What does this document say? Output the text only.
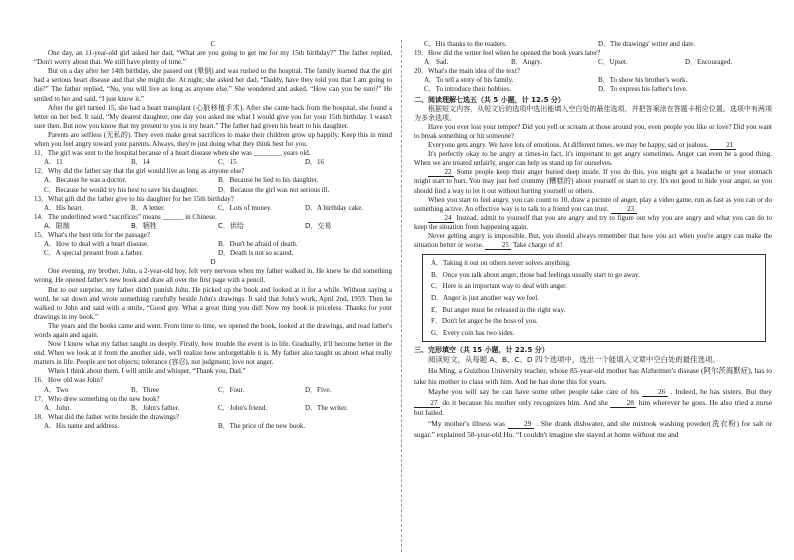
C

One day, an 11-year-old girl asked her dad, “What are you going to get me for my 15th birthday?” The father replied, “Don't worry about that. We still have plenty of time.”

But on a day after her 14th birthday, she passed out (晕倒) and was rushed to the hospital. The family learned that the girl had a serious heart disease and that she might die. At night, she asked her dad, “Daddy, have they told you that I am going to die?” The father replied, “No, you will live as long as anyone else.” She wondered and asked, “How can you be sure?” He smiled to her and said, “I just know it.”

After the girl turned 15, she had a heart transplant (心脏移植手术). After she came back from the hospital, she found a letter on her bed. It said, “My dearest daughter, one day you asked me what I would give you for your 15th birthday. I wasn't sure then. But now you know that my present to you is my heart.” The father had given his heart to his daughter.

Parents are selfless (无私的). They even make great sacrifices to make their children grow up happily. Keep this in mind when you feel angry toward your parents. Always, they're just doing what they think best for you.

11．The girl was sent to the hospital because of a heart disease when she was ________ years old.

A．11	B．14	C．15	D．16

12．Why did the father say that the girl would live as long as anyone else?

A．Because he was a doctor.	B．Because he lied to his daughter.
C．Because he would try his best to save his daughter.	D．Because the girl was not serious ill.

13．What gift did the father give to his daughter for her 15th birthday?

A．His heart.	B．A letter.	C．Lots of money.	D．A birthday cake.

14．The underlined word “sacrifices” means ______ in Chinese.

A．限制	B．牺牲	C．供给	D．交易

15．What's the best title for the passage?

A．How to deal with a heart disease.	B．Don't be afraid of death.
C．A special present from a father.	D．Death is not so scared.

D

One evening, my brother, John, a 2-year-old boy, felt very nervous when my father walked in. He knew he did something wrong. He opened father's new book and draw all over the first page with a pencil.

But to our surprise, my father didn't punish John. He picked up the book and looked at it for a while. Without saying a word, he sat down and wrote something carefully beside John's drawings. It said that John's work, April 2nd, 1959. Then he walked to John and said with a smile, “Good guy. What a great thing you did! Now my book is priceless. Thanks for your drawings in my book.”

The years and the books came and went. From time to time, we opened the book, looked at the drawings, and read father's words again and again.

Now I know what my father taught us deeply. Firstly, how trouble the event is in life. Gradually, it'll become better in the end. When we look at it from the another side, we'll realize how unforgettable it is. My father also taught us about what really matters in life. People are not objects; tolerance (容忍), not judgment; love not anger.

When I think about them, I will smile and whisper, “Thank you, Dad.”

16．How old was John?

A．Two	B．Three	C．Four.	D．Five.

17．Who drew something on the new book?

A．John.	B．John's father.	C．John's friend.	D．The writer.

18．What did the father write beside the drawings?

A．His name and address.	B．The price of the new book.
C．His thanks to the readers.	D．The drawings' writer and date.

19．How did the writer feel when he opened the book years later?

A．Sad.	B．Angry.	C．Upset.	D．Encouraged.

20．What's the main idea of the text?

A．To tell a story of his family.	B．To show his brother's work.
C．To introduce their hobbies.	D．To express his father's love.

二、阅读理解七选五（共 5 小题，计 12.5 分）

根据短文内容，从短文后的选项中选出能填入空白处的最佳选项，并把答案涂在答题卡相应位置。选项中有两项为多余选项。

Have you ever lost your temper? Did you yell or scream at those around you, even people you like or love? Did you want to break something or hit someone?

Everyone gets angry. We have lots of emotions. At different times, we may be happy, sad or jealous.	21

It's perfectly okay to be angry at times-in fact, it's important to get angry sometimes. Anger can even be a good thing. When we are treated unfairly, anger can help us stand up for ourselves.

22 Some people keep their anger buried deep inside. If you do this, you might get a headache or your stomach might start to hurt. You may just feel crummy (糟糕的) about yourself or start to cry. It's not good to hide your anger, so you should find a way to let it out without hurting yourself or others.

When you start to feel angry, you can count to 10, draw a picture of anger, play a video game, run as fast as you can or do something active. An effective way is to talk to a friend you can trust.	23

24 Instead, admit to yourself that you are angry and try to figure out why you are angry and what you can do to keep the situation from happening again.

Never getting angry is impossible. But, you should always remember that how you act when you're angry can make the situation better or worse.	25 Take charge of it!

A．Taking it out on others never solves anything.

B．Once you talk about anger, those bad feelings usually start to go away.

C．Here is an important way to deal with anger.

D．Anger is just another way we feel.

E．But anger must be released in the right way.

F．Don't let anger be the boss of you.

G．Every coin has two sides.

三、完形填空（共 15 小题，计 22.5 分）

阅读短文，从每题 A、B、C、D 四个选项中，选出一个能填入文章中空白处的最佳选项。

Hu Ming, a Guizhou University teacher, whose 85-year-old mother has Alzheimer's disease (阿尔茨海默症), has to take his mother to class with him. And he has done this for years.

Maybe you will say he can have some other people take care of his	26 . Indeed, he has sisters. But they 27 do it because his mother only recognizes him. And she	28 him wherever he goes. He also tried a nurse but failed.

“My mother's illness was	29 . She drank dishwater, and she mistook washing powder(洗衣粉) for salt or sugar.” explained 58-year-old Hu. “I couldn't imagine she stayed at home without me and
